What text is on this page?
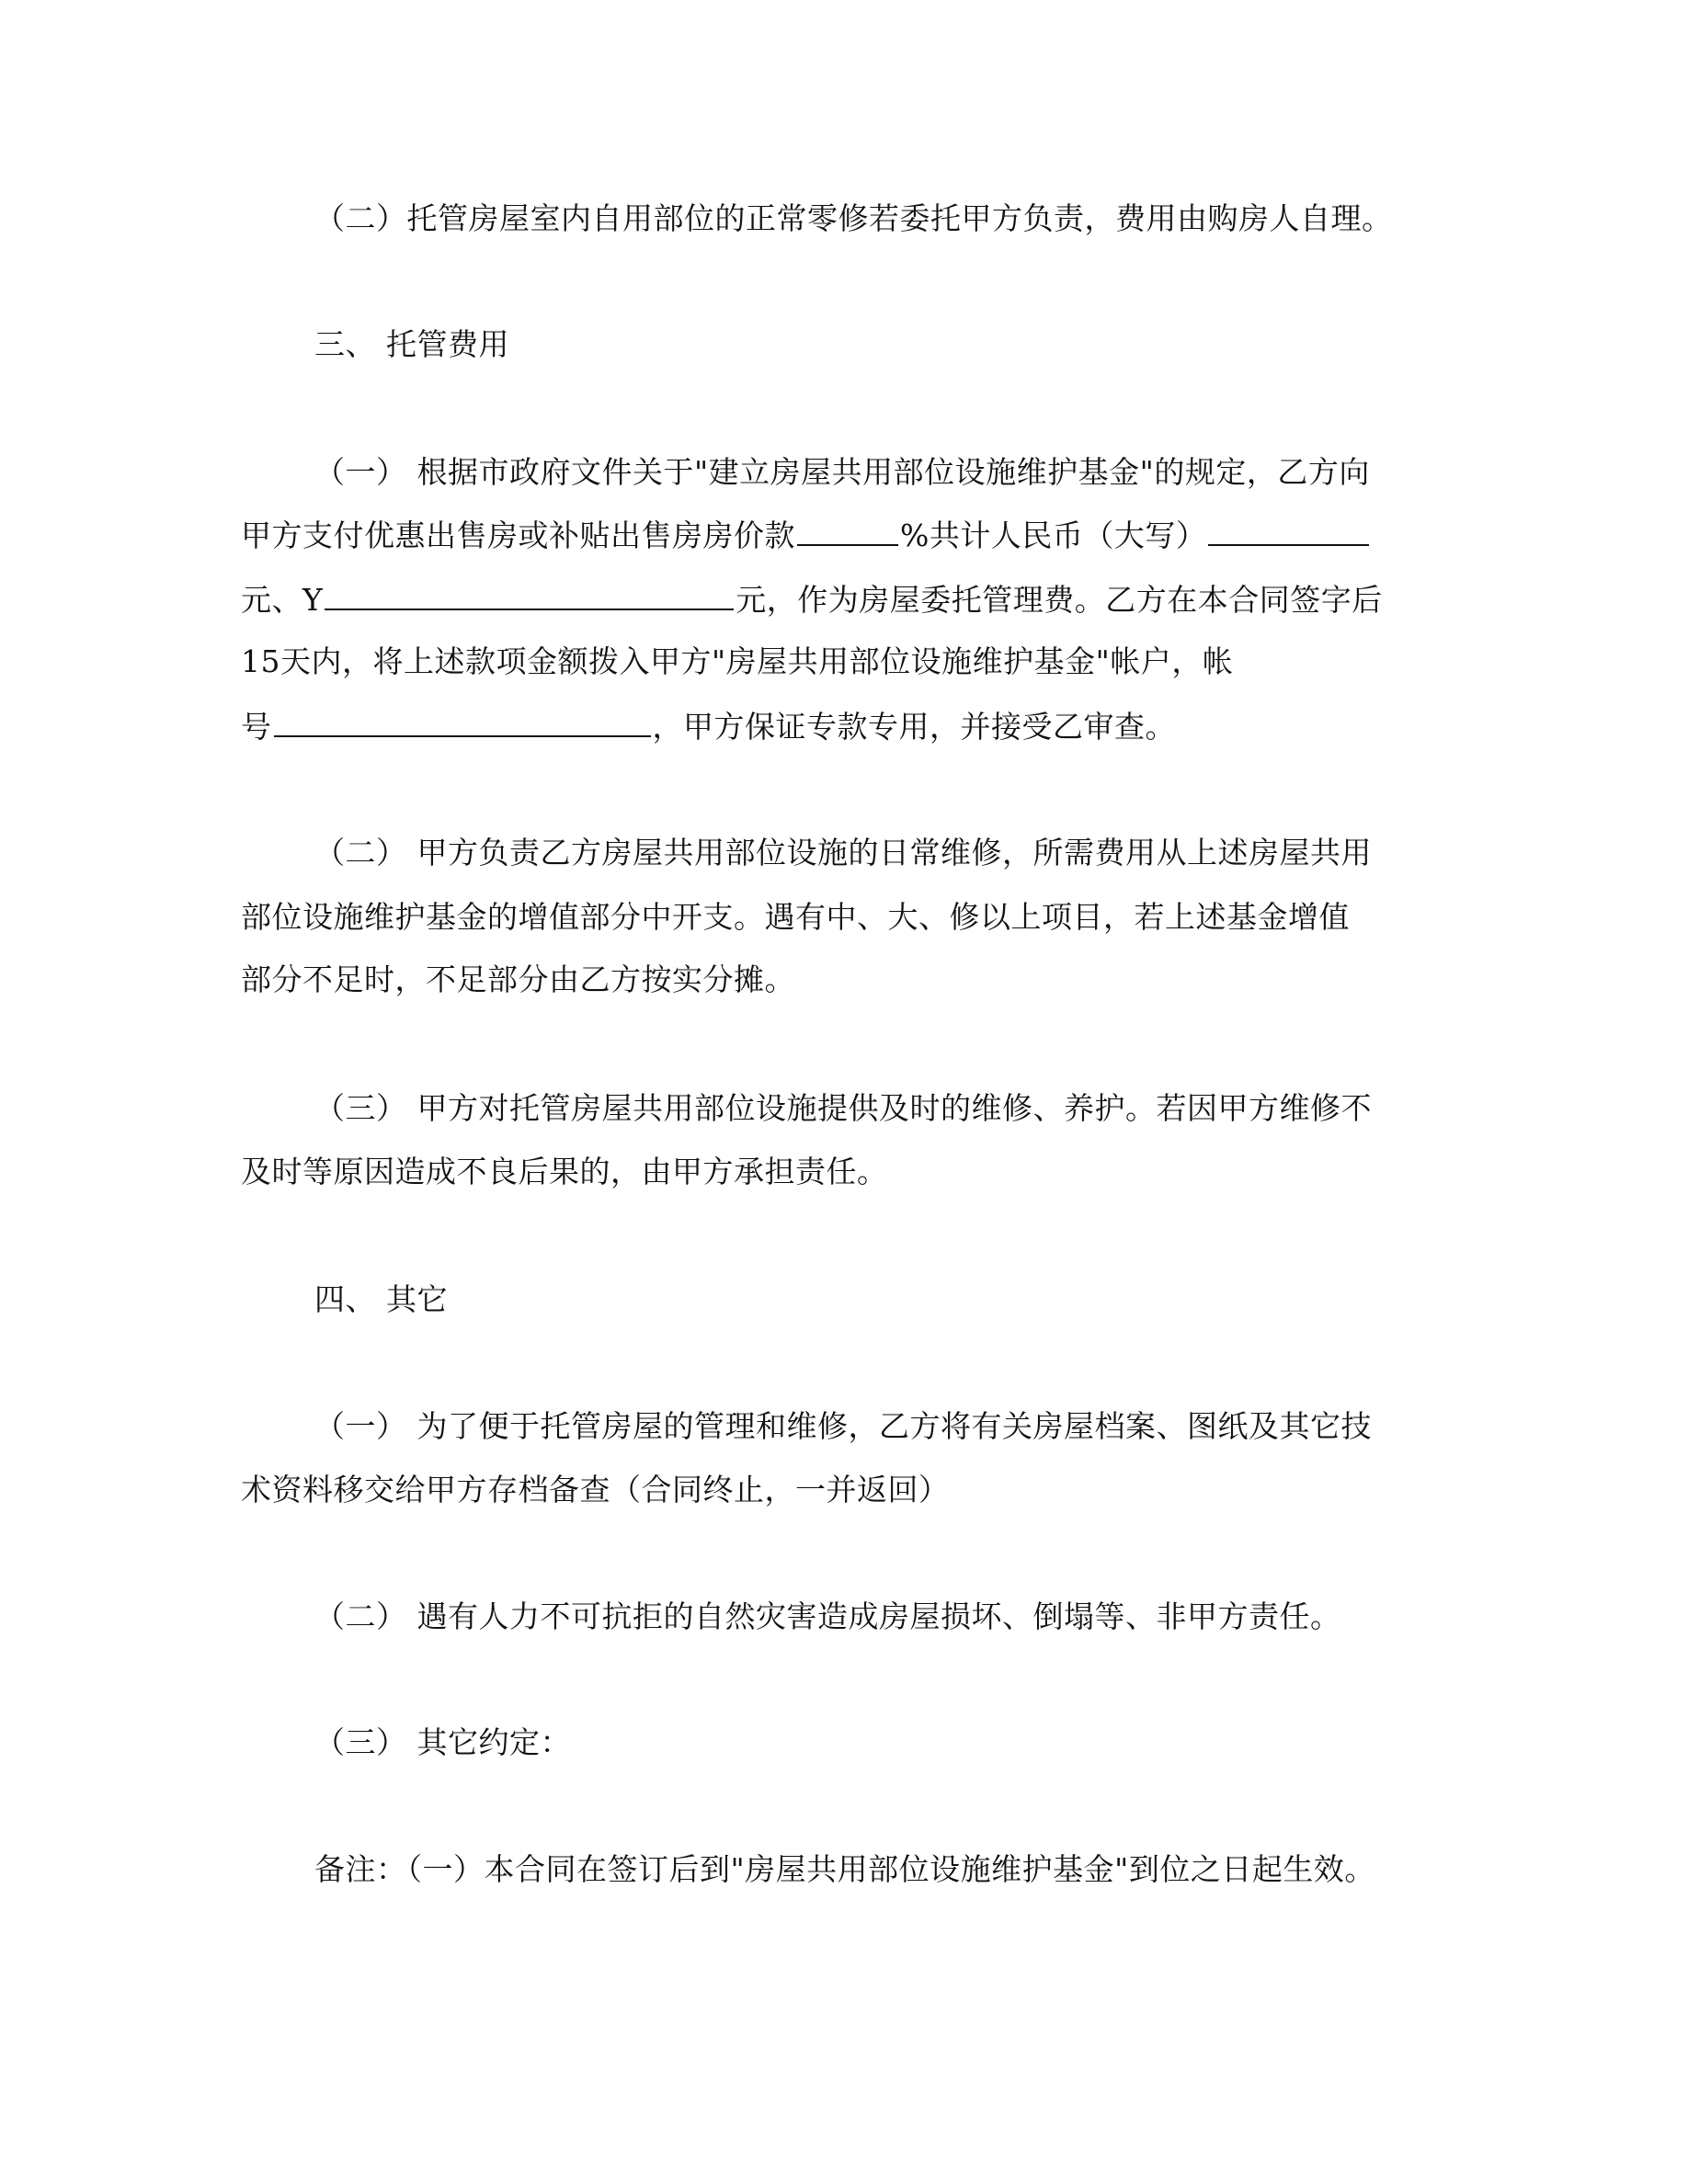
（二）托管房屋室内自用部位的正常零修若委托甲方负责，费用由购房人自理。
三、 托管费用
（一） 根据市政府文件关于"建立房屋共用部位设施维护基金"的规定，乙方向
甲方支付优惠出售房或补贴出售房房价款	%共计人民币（大写）
元、Y	元，作为房屋委托管理费。乙方在本合同签字后
15天内，将上述款项金额拨入甲方"房屋共用部位设施维护基金"帐户，帐
号	，甲方保证专款专用，并接受乙审查。
（二） 甲方负责乙方房屋共用部位设施的日常维修，所需费用从上述房屋共用
部位设施维护基金的增值部分中开支。遇有中、大、修以上项目，若上述基金增值
部分不足时，不足部分由乙方按实分摊。
（三） 甲方对托管房屋共用部位设施提供及时的维修、养护。若因甲方维修不
及时等原因造成不良后果的，由甲方承担责任。
四、 其它
（一） 为了便于托管房屋的管理和维修，乙方将有关房屋档案、图纸及其它技
术资料移交给甲方存档备查（合同终止，一并返回）
（二） 遇有人力不可抗拒的自然灾害造成房屋损坏、倒塌等、非甲方责任。
（三） 其它约定：
备注：（一）本合同在签订后到"房屋共用部位设施维护基金"到位之日起生效。
